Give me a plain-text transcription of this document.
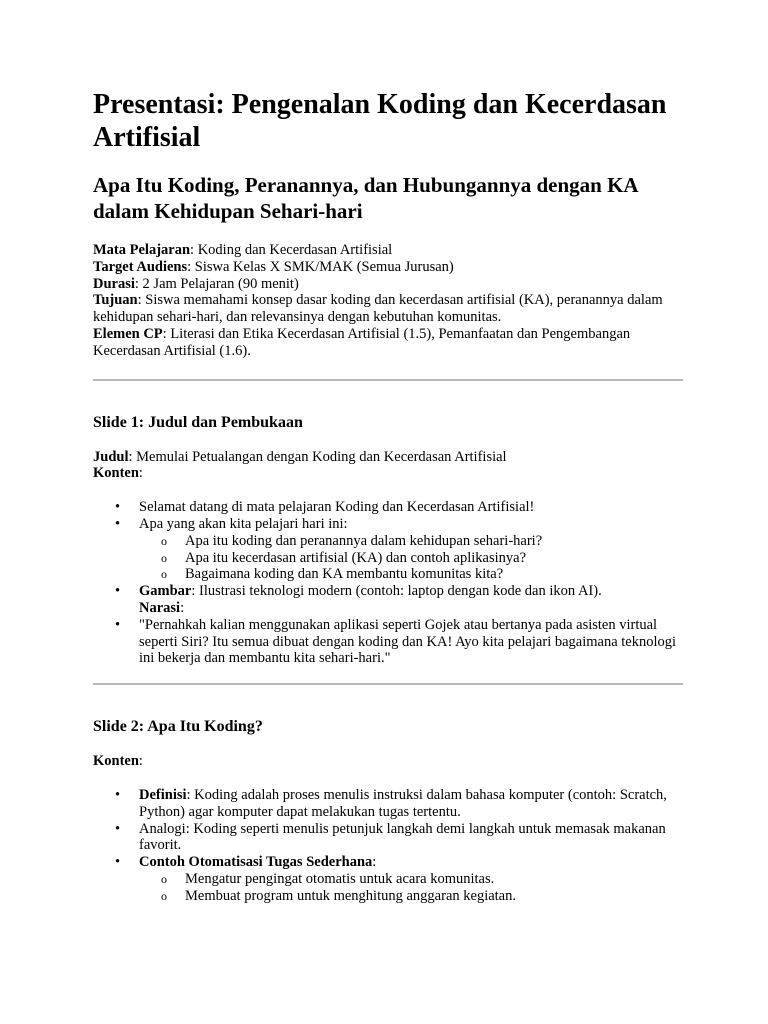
Presentasi: Pengenalan Koding dan Kecerdasan Artifisial
Apa Itu Koding, Peranannya, dan Hubungannya dengan KA dalam Kehidupan Sehari-hari

Mata Pelajaran: Koding dan Kecerdasan Artifisial

Target Audiens: Siswa Kelas X SMK/MAK (Semua Jurusan)

Durasi: 2 Jam Pelajaran (90 menit)

Tujuan: Siswa memahami konsep dasar koding dan kecerdasan artifisial (KA), peranannya dalam kehidupan sehari-hari, dan relevansinya dengan kebutuhan komunitas.

Elemen CP: Literasi dan Etika Kecerdasan Artifisial (1.5), Pemanfaatan dan Pengembangan Kecerdasan Artifisial (1.6).

Slide 1: Judul dan Pembukaan

Judul: Memulai Petualangan dengan Koding dan Kecerdasan Artifisial

Konten:

• Selamat datang di mata pelajaran Koding dan Kecerdasan Artifisial!
• Apa yang akan kita pelajari hari ini:
o Apa itu koding dan peranannya dalam kehidupan sehari-hari?
o Apa itu kecerdasan artifisial (KA) dan contoh aplikasinya?
o Bagaimana koding dan KA membantu komunitas kita?
• Gambar: Ilustrasi teknologi modern (contoh: laptop dengan kode dan ikon AI).
Narasi:
• "Pernahkah kalian menggunakan aplikasi seperti Gojek atau bertanya pada asisten virtual seperti Siri? Itu semua dibuat dengan koding dan KA! Ayo kita pelajari bagaimana teknologi ini bekerja dan membantu kita sehari-hari."
Slide 2: Apa Itu Koding?

Konten:

• Definisi: Koding adalah proses menulis instruksi dalam bahasa komputer (contoh: Scratch, Python) agar komputer dapat melakukan tugas tertentu.
• Analogi: Koding seperti menulis petunjuk langkah demi langkah untuk memasak makanan favorit.
• Contoh Otomatisasi Tugas Sederhana:
o Mengatur pengingat otomatis untuk acara komunitas.
o Membuat program untuk menghitung anggaran kegiatan.
